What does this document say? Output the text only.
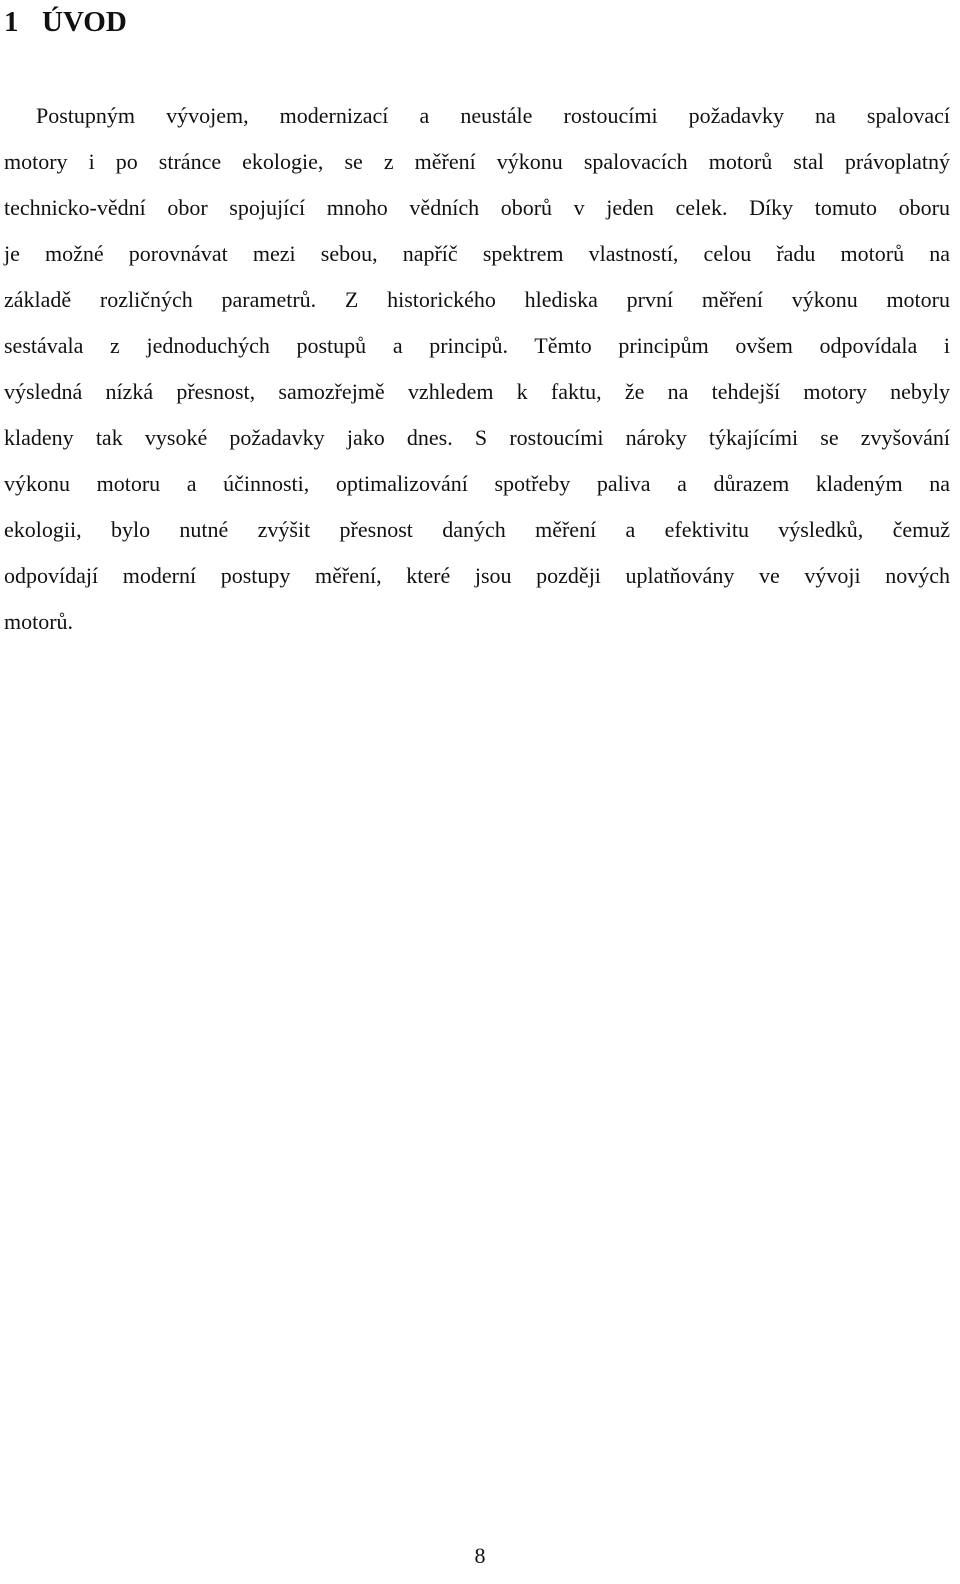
1 ÚVOD
Postupným vývojem, modernizací a neustále rostoucími požadavky na spalovací
motory i po stránce ekologie, se z měření výkonu spalovacích motorů stal právoplatný
technicko-vědní obor spojující mnoho vědních oborů v jeden celek. Díky tomuto oboru
je možné porovnávat mezi sebou, napříč spektrem vlastností, celou řadu motorů na
základě rozličných parametrů. Z historického hlediska první měření výkonu motoru
sestávala z jednoduchých postupů a principů. Těmto principům ovšem odpovídala i
výsledná nízká přesnost, samozřejmě vzhledem k faktu, že na tehdejší motory nebyly
kladeny tak vysoké požadavky jako dnes. S rostoucími nároky týkajícími se zvyšování
výkonu motoru a účinnosti, optimalizování spotřeby paliva a důrazem kladeným na
ekologii, bylo nutné zvýšit přesnost daných měření a efektivitu výsledků, čemuž
odpovídají moderní postupy měření, které jsou později uplatňovány ve vývoji nových
motorů.
8
